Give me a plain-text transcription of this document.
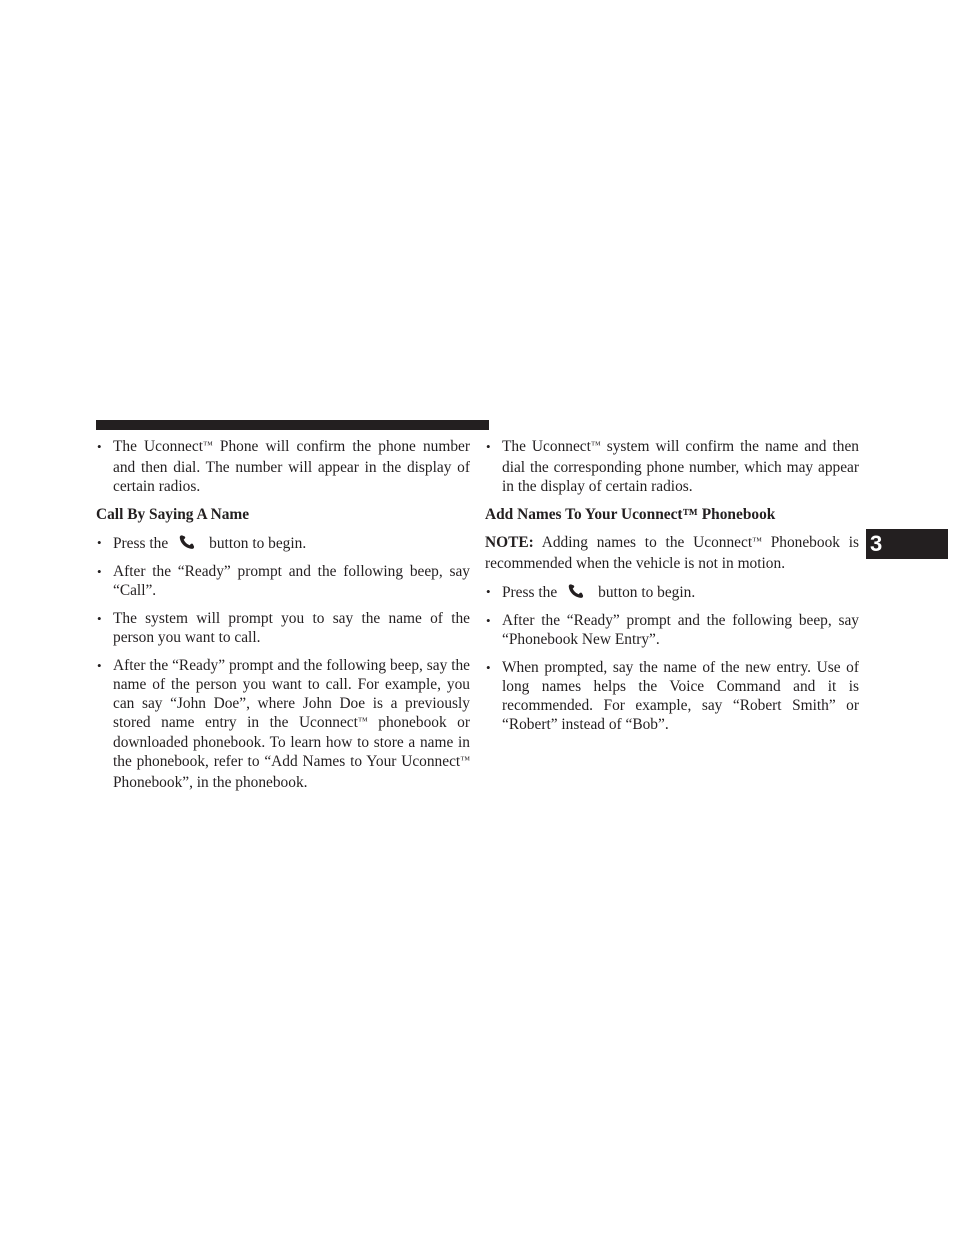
• The Uconnect™ Phone will confirm the phone number and then dial. The number will appear in the display of certain radios.
Call By Saying A Name
• Press the	button to begin.
• After the “Ready” prompt and the following beep, say “Call”.
• The system will prompt you to say the name of the person you want to call.
• After the “Ready” prompt and the following beep, say the name of the person you want to call. For example, you can say “John Doe”, where John Doe is a previously stored name entry in the Uconnect™ phonebook or downloaded phonebook. To learn how to store a name in the phonebook, refer to “Add Names to Your Uconnect™ Phonebook”, in the phonebook.
• The Uconnect™ system will confirm the name and then dial the corresponding phone number, which may appear in the display of certain radios.
Add Names To Your Uconnect™ Phonebook
NOTE: Adding names to the Uconnect™ Phonebook is recommended when the vehicle is not in motion.
• Press the	button to begin.
• After the “Ready” prompt and the following beep, say “Phonebook New Entry”.
• When prompted, say the name of the new entry. Use of long names helps the Voice Command and it is recommended. For example, say “Robert Smith” or “Robert” instead of “Bob”.
3
